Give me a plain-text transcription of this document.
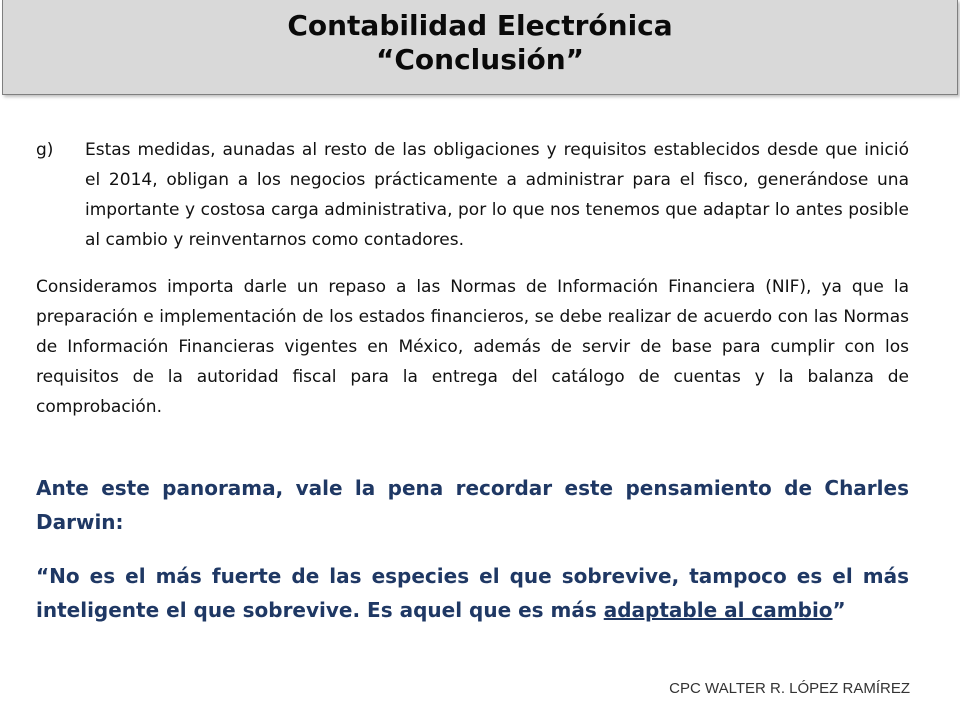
Contabilidad Electrónica
“Conclusión”
g)	Estas medidas, aunadas al resto de las obligaciones y requisitos establecidos desde que inició el 2014, obligan a los negocios prácticamente a administrar para el fisco, generándose una importante y costosa carga administrativa, por lo que nos tenemos que adaptar lo antes posible al cambio y reinventarnos como contadores.
Consideramos importa darle un repaso a las Normas de Información Financiera (NIF), ya que la preparación e implementación de los estados financieros, se debe realizar de acuerdo con las Normas de Información Financieras vigentes en México, además de servir de base para cumplir con los requisitos de la autoridad fiscal para la entrega del catálogo de cuentas y la balanza de comprobación.
Ante este panorama, vale la pena recordar este pensamiento de Charles Darwin:
“No es el más fuerte de las especies el que sobrevive, tampoco es el más inteligente el que sobrevive. Es aquel que es más adaptable al cambio”
CPC WALTER R. LÓPEZ RAMÍREZ
